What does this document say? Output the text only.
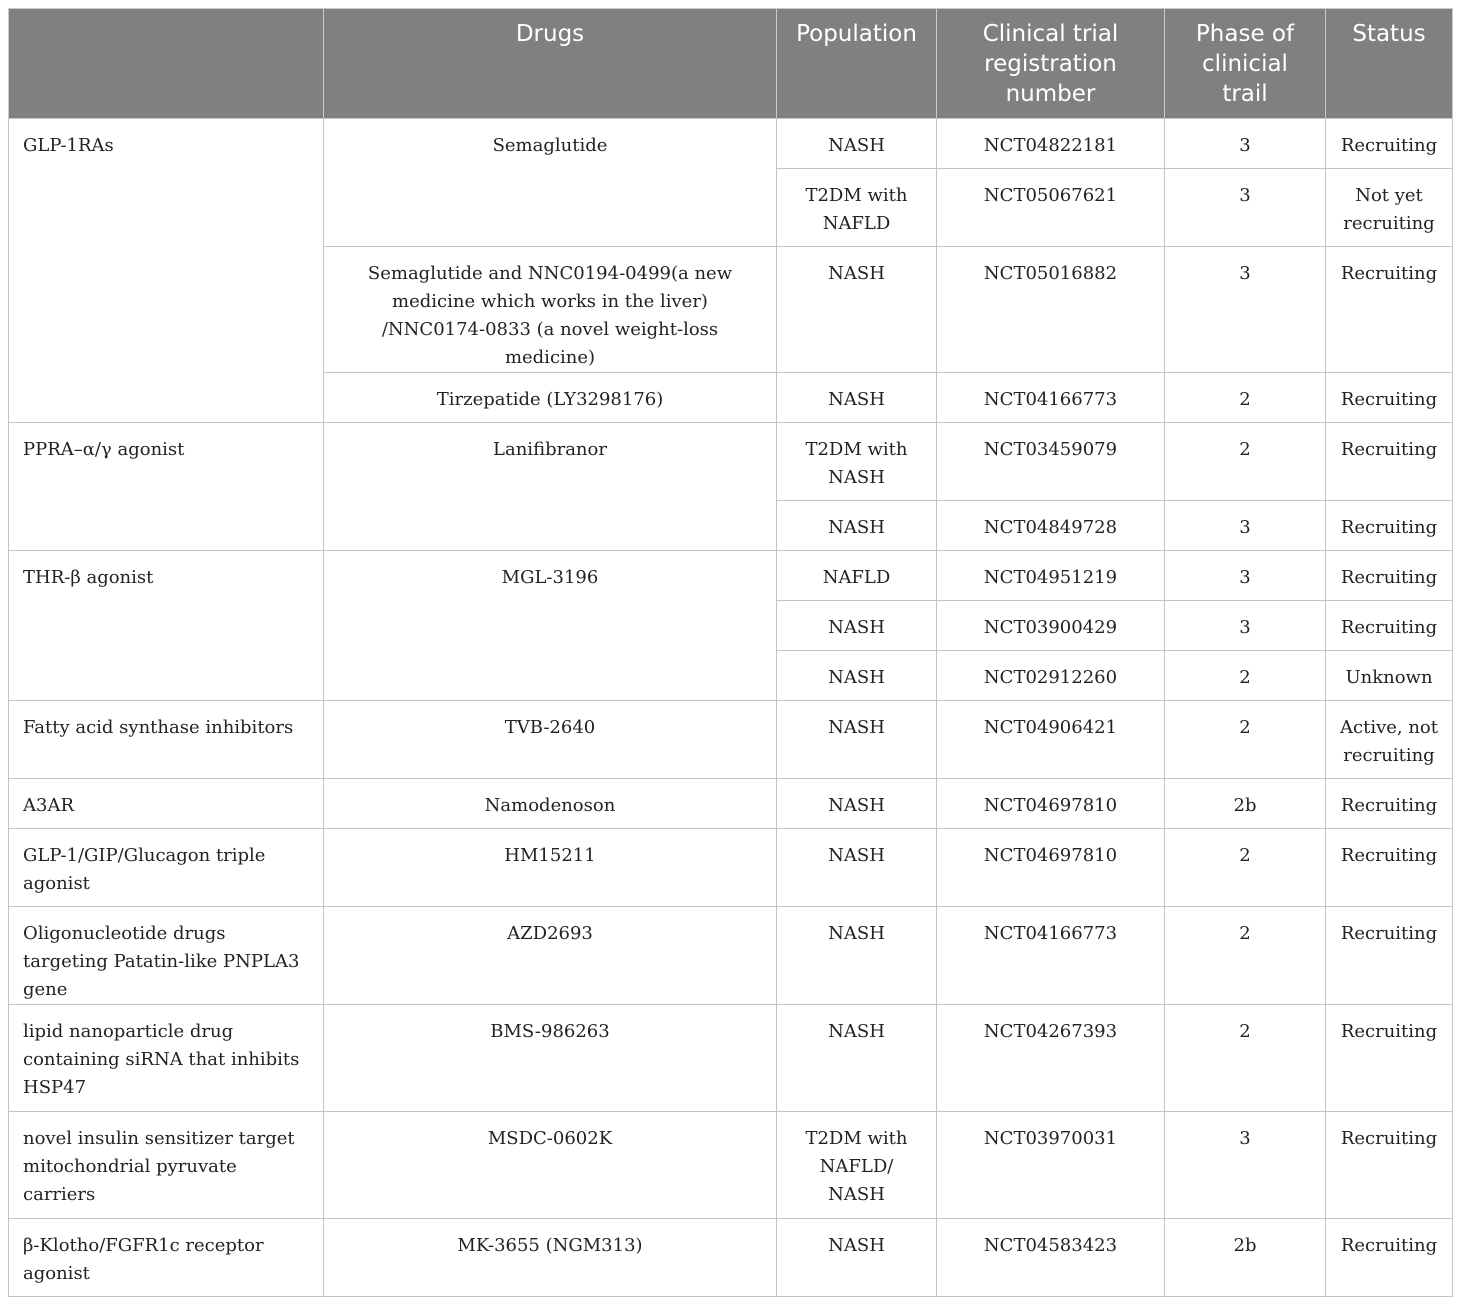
	Drugs	Population	Clinical trial registration number	Phase of clinicial trail	Status
GLP-1RAs	Semaglutide	NASH	NCT04822181	3	Recruiting
		T2DM with NAFLD	NCT05067621	3	Not yet recruiting
	Semaglutide and NNC0194-0499(a new medicine which works in the liver) /NNC0174-0833 (a novel weight-loss medicine)	NASH	NCT05016882	3	Recruiting
	Tirzepatide (LY3298176)	NASH	NCT04166773	2	Recruiting
PPRA–α/γ agonist	Lanifibranor	T2DM with NASH	NCT03459079	2	Recruiting
		NASH	NCT04849728	3	Recruiting
THR-β agonist	MGL-3196	NAFLD	NCT04951219	3	Recruiting
		NASH	NCT03900429	3	Recruiting
		NASH	NCT02912260	2	Unknown
Fatty acid synthase inhibitors	TVB-2640	NASH	NCT04906421	2	Active, not recruiting
A3AR	Namodenoson	NASH	NCT04697810	2b	Recruiting
GLP-1/GIP/Glucagon triple agonist	HM15211	NASH	NCT04697810	2	Recruiting
Oligonucleotide drugs targeting Patatin-like PNPLA3 gene	AZD2693	NASH	NCT04166773	2	Recruiting
lipid nanoparticle drug containing siRNA that inhibits HSP47	BMS-986263	NASH	NCT04267393	2	Recruiting
novel insulin sensitizer target mitochondrial pyruvate carriers	MSDC-0602K	T2DM with NAFLD/ NASH	NCT03970031	3	Recruiting
β-Klotho/FGFR1c receptor agonist	MK-3655 (NGM313)	NASH	NCT04583423	2b	Recruiting
